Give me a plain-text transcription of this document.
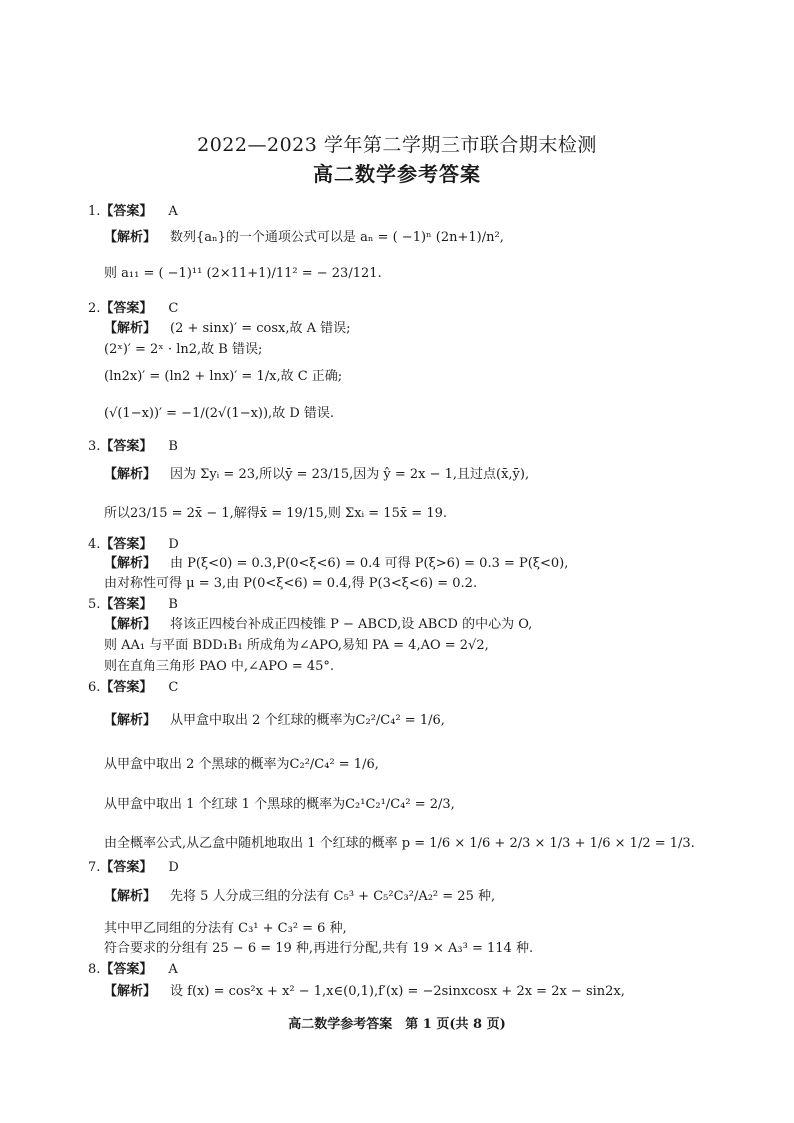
2022—2023 学年第二学期三市联合期末检测
高二数学参考答案
1.【答案】 A
【解析】 数列{aₙ}的一个通项公式可以是 aₙ = ( −1)ⁿ (2n+1)/n²,
则 a₁₁ = ( −1)¹¹ (2×11+1)/11² = − 23/121.
2.【答案】 C
【解析】 (2 + sinx)′ = cosx,故 A 错误;
(2ˣ)′ = 2ˣ · ln2,故 B 错误;
(ln2x)′ = (ln2 + lnx)′ = 1/x,故 C 正确;
(√(1−x))′ = −1/(2√(1−x)),故 D 错误.
3.【答案】 B
【解析】 因为 Σyᵢ = 23,所以ȳ = 23/15,因为 ŷ = 2x − 1,且过点(x̄,ȳ),
所以23/15 = 2x̄ − 1,解得x̄ = 19/15,则 Σxᵢ = 15x̄ = 19.
4.【答案】 D
【解析】 由 P(ξ<0) = 0.3,P(0<ξ<6) = 0.4 可得 P(ξ>6) = 0.3 = P(ξ<0),
由对称性可得 μ = 3,由 P(0<ξ<6) = 0.4,得 P(3<ξ<6) = 0.2.
5.【答案】 B
【解析】 将该正四棱台补成正四棱锥 P − ABCD,设 ABCD 的中心为 O,
则 AA₁ 与平面 BDD₁B₁ 所成角为∠APO,易知 PA = 4,AO = 2√2,
则在直角三角形 PAO 中,∠APO = 45°.
6.【答案】 C
【解析】 从甲盒中取出 2 个红球的概率为C₂²/C₄² = 1/6,
从甲盒中取出 2 个黑球的概率为C₂²/C₄² = 1/6,
从甲盒中取出 1 个红球 1 个黑球的概率为C₂¹C₂¹/C₄² = 2/3,
由全概率公式,从乙盒中随机地取出 1 个红球的概率 p = 1/6 × 1/6 + 2/3 × 1/3 + 1/6 × 1/2 = 1/3.
7.【答案】 D
【解析】 先将 5 人分成三组的分法有 C₅³ + C₅²C₃²/A₂² = 25 种,
其中甲乙同组的分法有 C₃¹ + C₃² = 6 种,
符合要求的分组有 25 − 6 = 19 种,再进行分配,共有 19 × A₃³ = 114 种.
8.【答案】 A
【解析】 设 f(x) = cos²x + x² − 1,x∈(0,1),f′(x) = −2sinxcosx + 2x = 2x − sin2x,
高二数学参考答案　第 1 页(共 8 页)
